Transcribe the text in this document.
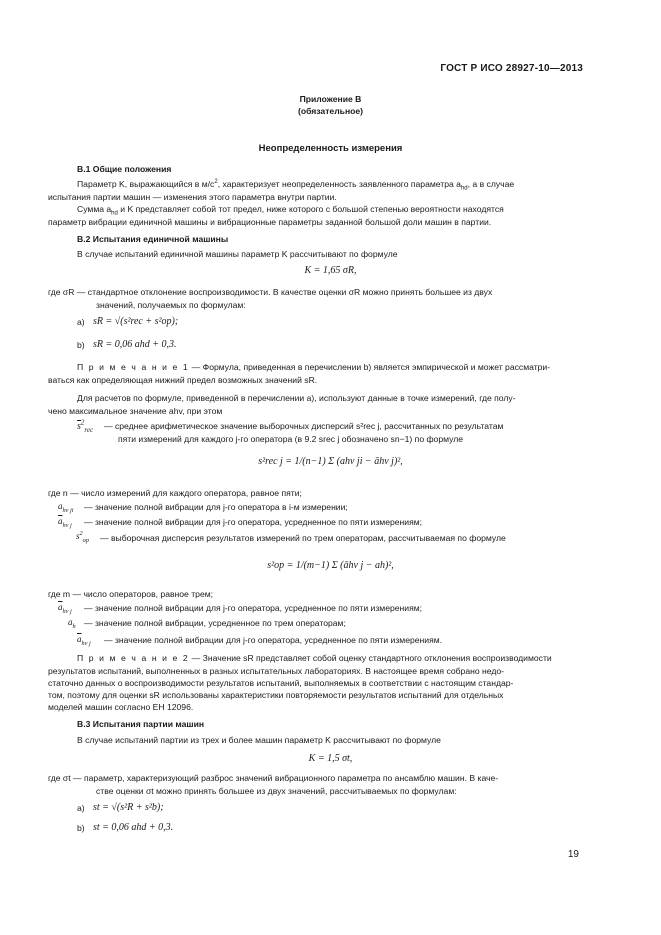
ГОСТ Р ИСО 28927-10—2013
Приложение В
(обязательное)
Неопределенность измерения
В.1 Общие положения
Параметр K, выражающийся в $м/с^2$, характеризует неопределенность заявленного параметра $a_{hd}$, а в случае
испытания партии машин — изменения этого параметра внутри партии.
Сумма $a_{hd}$ и K представляет собой тот предел, ниже которого с большой степенью вероятности находятся
параметр вибрации единичной машины и вибрационные параметры заданной большой доли машин в партии.
В.2 Испытания единичной машины
В случае испытаний единичной машины параметр K рассчитывают по формуле
K = 1,65 σR,
где σR — стандартное отклонение воспроизводимости. В качестве оценки σR можно принять большее из двух
значений, получаемых по формулам:
а) sR = √(s²rec + s²op);
b) sR = 0,06 ahd + 0,3.
П р и м е ч а н и е 1 — Формула, приведенная в перечислении b) является эмпирической и может рассматри-
ваться как определяющая нижний предел возможных значений sR.
Для расчетов по формуле, приведенной в перечислении а), используют данные в точке измерений, где полу-
чено максимальное значение ahv, при этом
$\overline{s}^2_{rec}$ — среднее арифметическое значение выборочных дисперсий s²rec j, рассчитанных по результатам
пяти измерений для каждого j-го оператора (в 9.2 srec j обозначено sn−1) по формуле
s²rec j = 1/(n−1) Σ (ahv ji − āhv j)²,
где n — число измерений для каждого оператора, равное пяти;
$a_{hv ji}$ — значение полной вибрации для j-го оператора в i-м измерении;
$\overline{a}_{hv j}$ — значение полной вибрации для j-го оператора, усредненное по пяти измерениям;
$s^2_{op}$ — выборочная дисперсия результатов измерений по трем операторам, рассчитываемая по формуле
s²op = 1/(m−1) Σ (āhv j − ah)²,
где m — число операторов, равное трем;
$\overline{a}_{hv j}$ — значение полной вибрации для j-го оператора, усредненное по пяти измерениям;
$a_h$ — значение полной вибрации, усредненное по трем операторам;
$\overline{a}_{hv j}$ — значение полной вибрации для j-го оператора, усредненное по пяти измерениям.
П р и м е ч а н и е 2 — Значение sR представляет собой оценку стандартного отклонения воспроизводимости
результатов испытаний, выполненных в разных испытательных лабораториях. В настоящее время собрано недо-
статочно данных о воспроизводимости результатов испытаний, выполняемых в соответствии с настоящим стандар-
том, поэтому для оценки sR использованы характеристики повторяемости результатов испытаний для отдельных
моделей машин согласно ЕН 12096.
В.3 Испытания партии машин
В случае испытаний партии из трех и более машин параметр K рассчитывают по формуле
K = 1,5 σt,
где σt — параметр, характеризующий разброс значений вибрационного параметра по ансамблю машин. В каче-
стве оценки σt можно принять большее из двух значений, рассчитываемых по формулам:
а) st = √(s²R + s²b);
b) st = 0,06 ahd + 0,3.
19
